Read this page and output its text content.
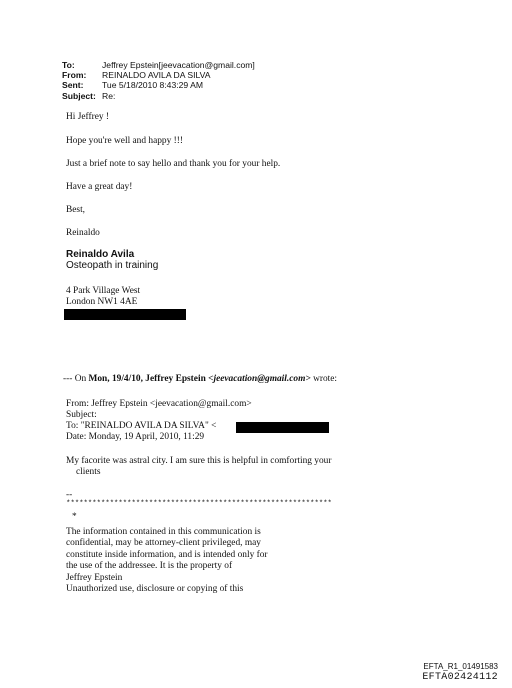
To:	Jeffrey Epstein[jeevacation@gmail.com]
From:	REINALDO AVILA DA SILVA
Sent:	Tue 5/18/2010 8:43:29 AM
Subject: Re:
Hi Jeffrey !
Hope you're well and happy !!!
Just a brief note to say hello and thank you for your help.
Have a great day!
Best,
Reinaldo
Reinaldo Avila
Osteopath in training
4 Park Village West
London NW1 4AE
--- On Mon, 19/4/10, Jeffrey Epstein <jeevacation@gmail.com> wrote:
From: Jeffrey Epstein <jeevacation@gmail.com>
Subject:
To: "REINALDO AVILA DA SILVA" <
Date: Monday, 19 April, 2010, 11:29
My facorite was astral city. I am sure this is helpful in comforting your
clients
--
*************************************************************
*
The information contained in this communication is
confidential, may be attorney-client privileged, may
constitute inside information, and is intended only for
the use of the addressee. It is the property of
Jeffrey Epstein
Unauthorized use, disclosure or copying of this
EFTA_R1_01491583
EFTA02424112
